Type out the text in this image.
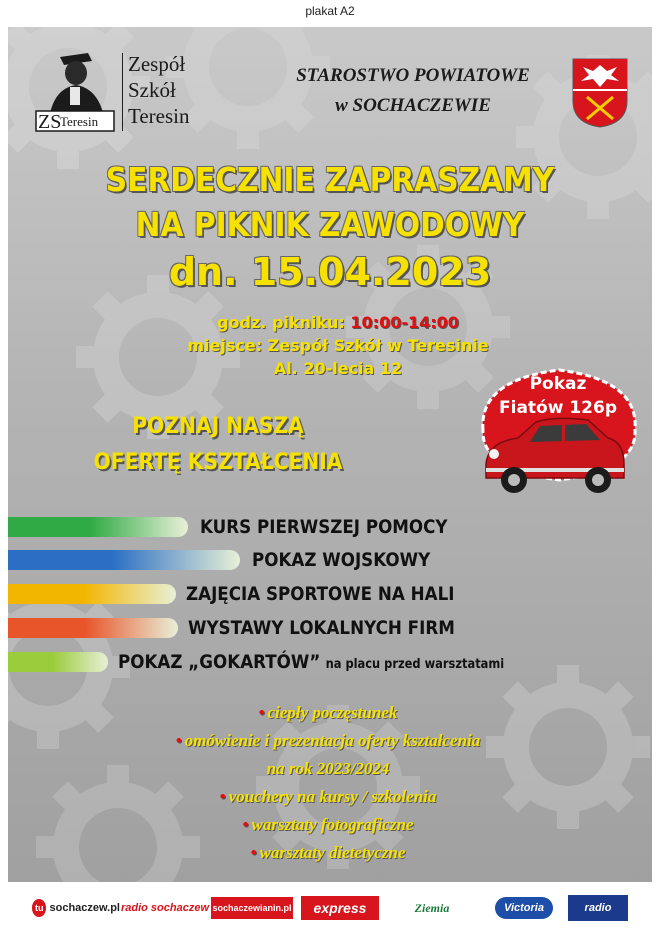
plakat A2
ZS
Teresin
Zespół
Szkół
Teresin
STAROSTWO POWIATOWE
w SOCHACZEWIE
SERDECZNIE ZAPRASZAMY
NA PIKNIK ZAWODOWY
dn. 15.04.2023
godz. pikniku: 10:00-14:00
miejsce: Zespół Szkół w Teresinie
Al. 20-lecia 12
POZNAJ NASZĄ
OFERTĘ KSZTAŁCENIA
Pokaz
Fiatów 126p
KURS PIERWSZEJ POMOCY
POKAZ WOJSKOWY
ZAJĘCIA SPORTOWE NA HALI
WYSTAWY LOKALNYCH FIRM
POKAZ „GOKARTÓW” na placu przed warsztatami
• ciepły poczęstunek
• omówienie i prezentacja oferty kształcenia
na rok 2023/2024
• vouchery na kursy / szkolenia
• warsztaty fotograficzne
• warsztaty dietetyczne
tu sochaczew.pl radio sochaczew sochaczewianin.pl	express	Ziemia	Victoria	radio
